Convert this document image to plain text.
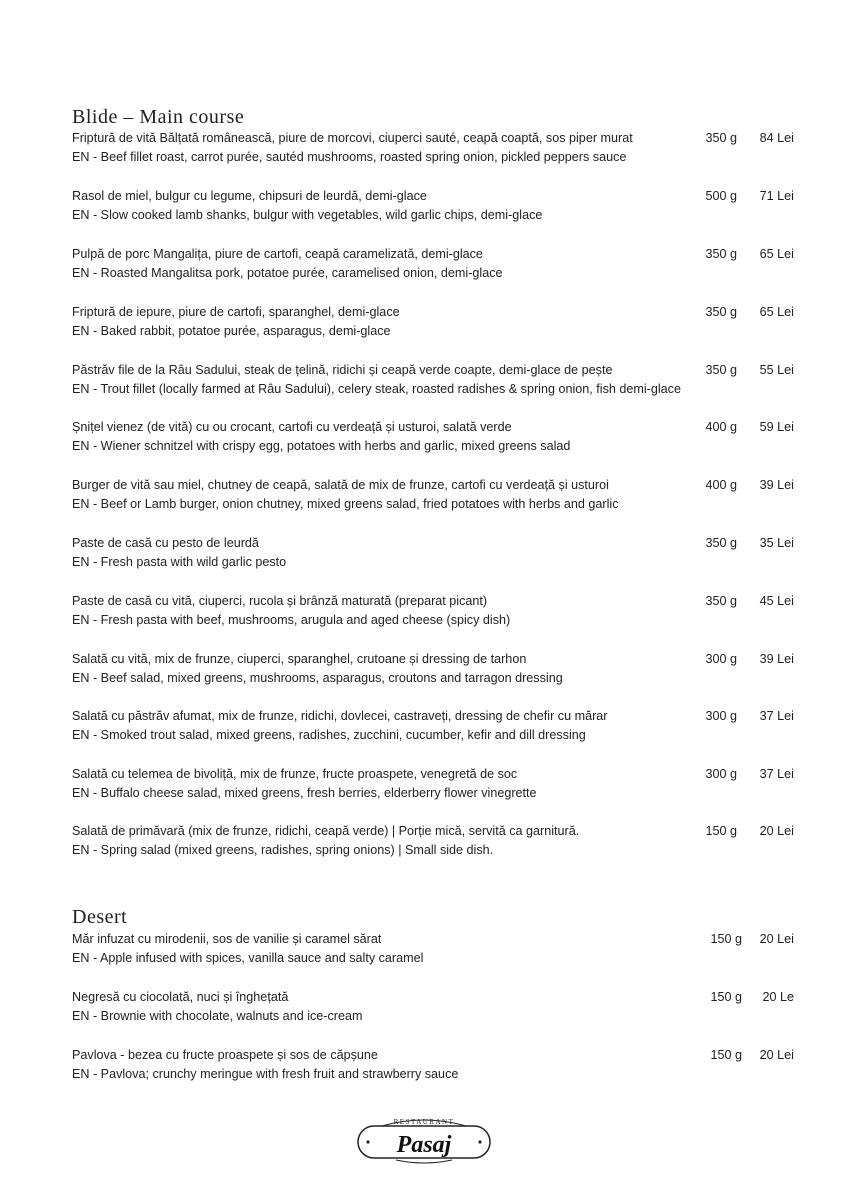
Blide – Main course
Friptură de vită Bălțată românească, piure de morcovi, ciuperci sauté, ceapă coaptă, sos piper murat
EN - Beef fillet roast, carrot purée, sautéd mushrooms, roasted spring onion, pickled peppers sauce
350 g 84 Lei
Rasol de miel, bulgur cu legume, chipsuri de leurdă, demi-glace
EN - Slow cooked lamb shanks, bulgur with vegetables, wild garlic chips, demi-glace
500 g 71 Lei
Pulpă de porc Mangalița, piure de cartofi, ceapă caramelizată, demi-glace
EN - Roasted Mangalitsa pork, potatoe purée, caramelised onion, demi-glace
350 g 65 Lei
Friptură de iepure, piure de cartofi, sparanghel, demi-glace
EN - Baked rabbit, potatoe purée, asparagus, demi-glace
350 g 65 Lei
Păstrăv file de la Râu Sadului, steak de țelină, ridichi și ceapă verde coapte, demi-glace de pește
EN - Trout fillet (locally farmed at Râu Sadului), celery steak, roasted radishes & spring onion, fish demi-glace
350 g 55 Lei
Șnițel vienez (de vită) cu ou crocant, cartofi cu verdeață și usturoi, salată verde
EN - Wiener schnitzel with crispy egg, potatoes with herbs and garlic, mixed greens salad
400 g 59 Lei
Burger de vită sau miel, chutney de ceapă, salată de mix de frunze, cartofi cu verdeață și usturoi
EN - Beef or Lamb burger, onion chutney, mixed greens salad, fried potatoes with herbs and garlic
400 g 39 Lei
Paste de casă cu pesto de leurdă
EN - Fresh pasta with wild garlic pesto
350 g 35 Lei
Paste de casă cu vită, ciuperci, rucola și brânză maturată (preparat picant)
EN - Fresh pasta with beef, mushrooms, arugula and aged cheese (spicy dish)
350 g 45 Lei
Salată cu vită, mix de frunze, ciuperci, sparanghel, crutoane și dressing de tarhon
EN - Beef salad, mixed greens, mushrooms, asparagus, croutons and tarragon dressing
300 g 39 Lei
Salată cu păstrăv afumat, mix de frunze, ridichi, dovlecei, castraveți, dressing de chefir cu mărar
EN - Smoked trout salad, mixed greens, radishes, zucchini, cucumber, kefir and dill dressing
300 g 37 Lei
Salată cu telemea de bivoliță, mix de frunze, fructe proaspete, venegretă de soc
EN - Buffalo cheese salad, mixed greens, fresh berries, elderberry flower vinegrette
300 g 37 Lei
Salată de primăvară (mix de frunze, ridichi, ceapă verde) | Porție mică, servită ca garnitură.
EN - Spring salad (mixed greens, radishes, spring onions) | Small side dish.
150 g 20 Lei
Desert
Măr infuzat cu mirodenii, sos de vanilie și caramel sărat
EN - Apple infused with spices, vanilla sauce and salty caramel
150 g 20 Lei
Negresă cu ciocolată, nuci și înghețată
EN - Brownie with chocolate, walnuts and ice-cream
150 g 20 Le
Pavlova - bezea cu fructe proaspete și sos de căpșune
EN - Pavlova; crunchy meringue with fresh fruit and strawberry sauce
150 g 20 Lei
RESTAURANT
Pasaj
